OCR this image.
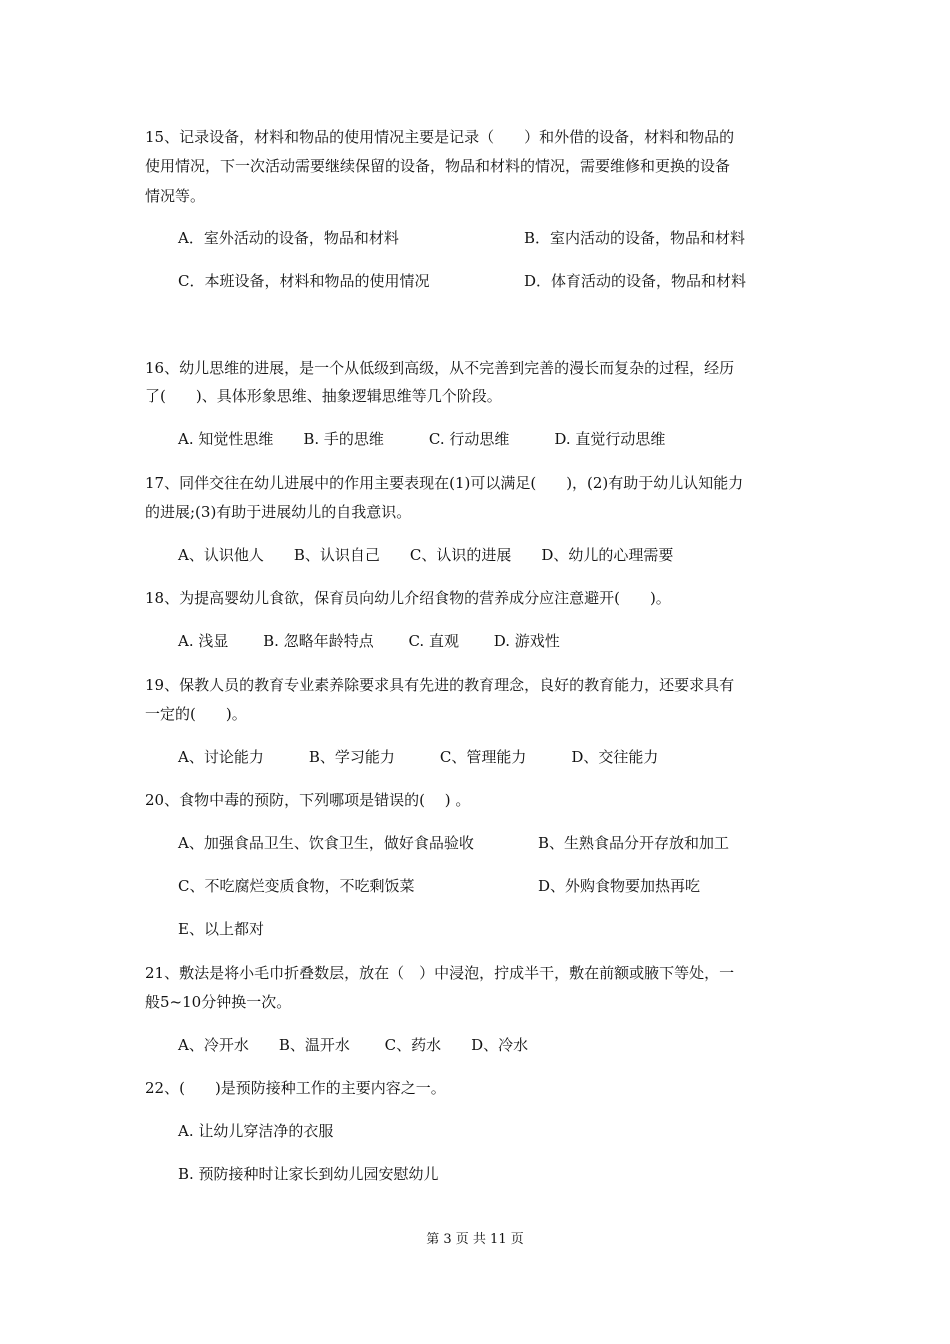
15、记录设备，材料和物品的使用情况主要是记录（　　）和外借的设备，材料和物品的
使用情况，下一次活动需要继续保留的设备，物品和材料的情况，需要维修和更换的设备
情况等。
A．室外活动的设备，物品和材料	B．室内活动的设备，物品和材料
C．本班设备，材料和物品的使用情况	D．体育活动的设备，物品和材料
16、幼儿思维的进展，是一个从低级到高级，从不完善到完善的漫长而复杂的过程，经历
了(　　)、具体形象思维、抽象逻辑思维等几个阶段。
A. 知觉性思维　　B. 手的思维　　　C. 行动思维　　　D. 直觉行动思维
17、同伴交往在幼儿进展中的作用主要表现在(1)可以满足(　　)，(2)有助于幼儿认知能力
的进展;(3)有助于进展幼儿的自我意识。
A、认识他人　　B、认识自己　　C、认识的进展　　D、幼儿的心理需要
18、为提高婴幼儿食欲，保育员向幼儿介绍食物的营养成分应注意避开(　　)。
A. 浅显　　 B. 忽略年龄特点　　 C. 直观　　 D. 游戏性
19、保教人员的教育专业素养除要求具有先进的教育理念，良好的教育能力，还要求具有
一定的(　　)。
A、讨论能力　　　B、学习能力　　　C、管理能力　　　D、交往能力
20、食物中毒的预防，下列哪项是错误的(　 ) 。
A、加强食品卫生、饮食卫生，做好食品验收	B、生熟食品分开存放和加工
C、不吃腐烂变质食物，不吃剩饭菜	D、外购食物要加热再吃
E、以上都对
21、敷法是将小毛巾折叠数层，放在（　）中浸泡，拧成半干，敷在前额或腋下等处，一
般5~10分钟换一次。
A、冷开水　　B、温开水　　 C、药水　　D、冷水
22、(　　)是预防接种工作的主要内容之一。
A. 让幼儿穿洁净的衣服
B. 预防接种时让家长到幼儿园安慰幼儿
第 3 页 共 11 页
